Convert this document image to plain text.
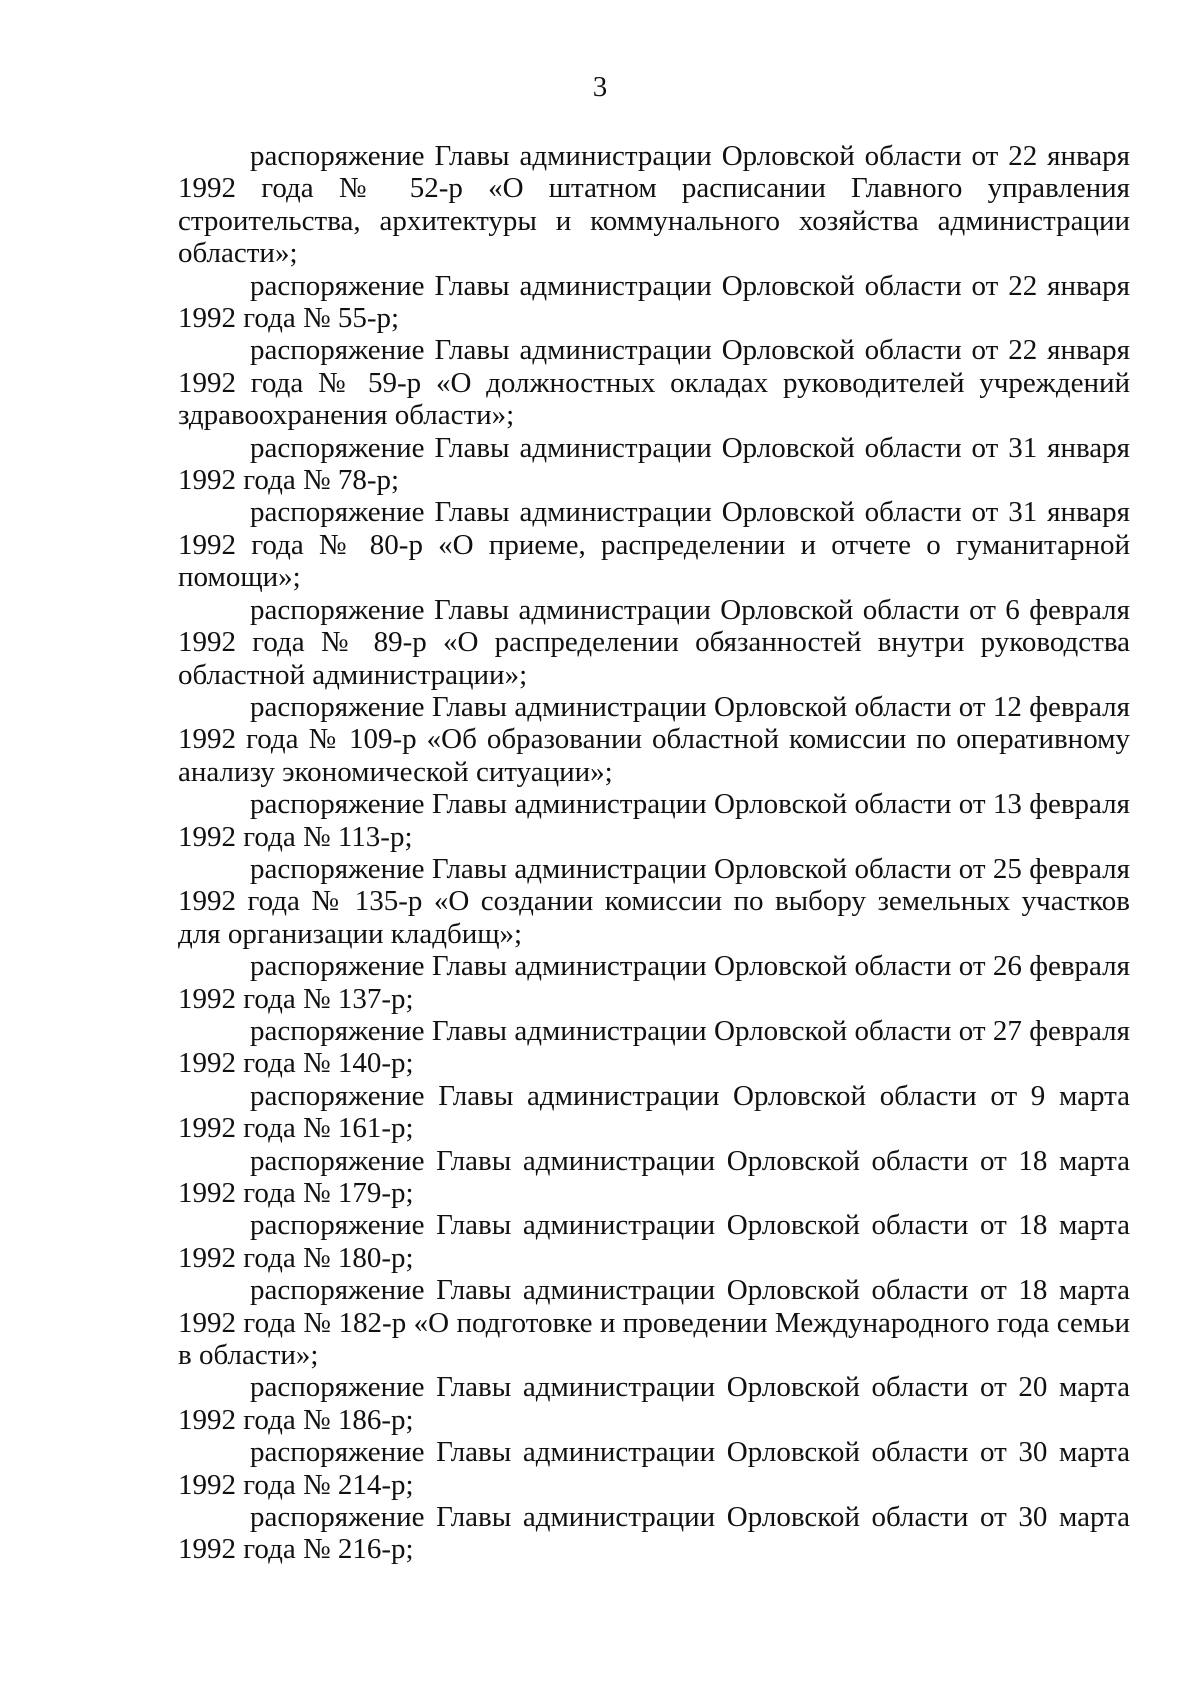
3

распоряжение Главы администрации Орловской области от 22 января 1992 года № 52-р «О штатном расписании Главного управления строительства, архитектуры и коммунального хозяйства администрации области»;

распоряжение Главы администрации Орловской области от 22 января 1992 года № 55-р;

распоряжение Главы администрации Орловской области от 22 января 1992 года № 59-р «О должностных окладах руководителей учреждений здравоохранения области»;

распоряжение Главы администрации Орловской области от 31 января 1992 года № 78-р;

распоряжение Главы администрации Орловской области от 31 января 1992 года № 80-р «О приеме, распределении и отчете о гуманитарной помощи»;

распоряжение Главы администрации Орловской области от 6 февраля 1992 года № 89-р «О распределении обязанностей внутри руководства областной администрации»;

распоряжение Главы администрации Орловской области от 12 февраля 1992 года № 109-р «Об образовании областной комиссии по оперативному анализу экономической ситуации»;

распоряжение Главы администрации Орловской области от 13 февраля 1992 года № 113-р;

распоряжение Главы администрации Орловской области от 25 февраля 1992 года № 135-р «О создании комиссии по выбору земельных участков для организации кладбищ»;

распоряжение Главы администрации Орловской области от 26 февраля 1992 года № 137-р;

распоряжение Главы администрации Орловской области от 27 февраля 1992 года № 140-р;

распоряжение Главы администрации Орловской области от 9 марта 1992 года № 161-р;

распоряжение Главы администрации Орловской области от 18 марта 1992 года № 179-р;

распоряжение Главы администрации Орловской области от 18 марта 1992 года № 180-р;

распоряжение Главы администрации Орловской области от 18 марта 1992 года № 182-р «О подготовке и проведении Международного года семьи в области»;

распоряжение Главы администрации Орловской области от 20 марта 1992 года № 186-р;

распоряжение Главы администрации Орловской области от 30 марта 1992 года № 214-р;

распоряжение Главы администрации Орловской области от 30 марта 1992 года № 216-р;
